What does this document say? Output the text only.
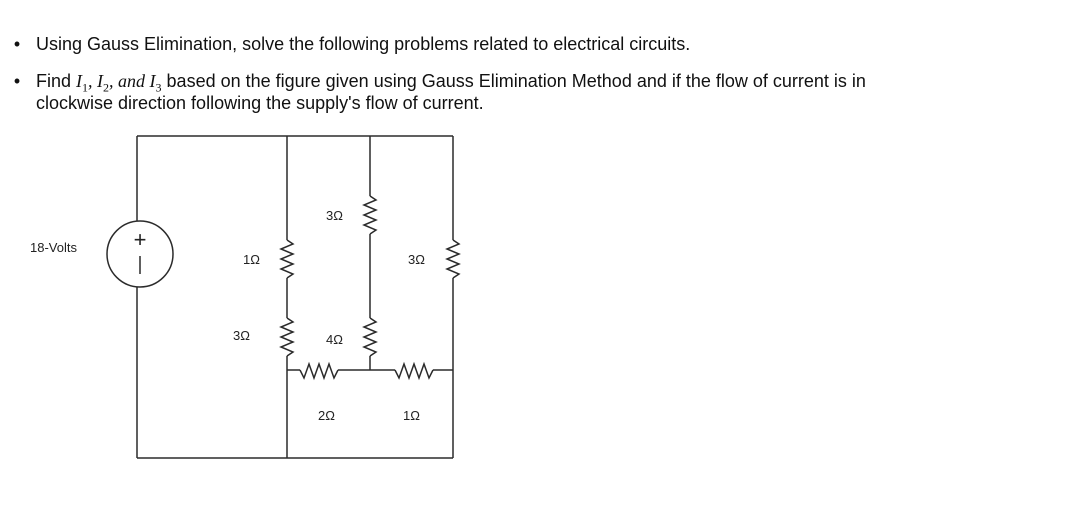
• Using Gauss Elimination, solve the following problems related to electrical circuits.
• Find $I_1$, $I_2$, and $I_3$ based on the figure given using Gauss Elimination Method and if the flow of current is in
clockwise direction following the supply's flow of current.
+
18-Volts
1Ω
3Ω
3Ω
4Ω
3Ω
2Ω	1Ω
